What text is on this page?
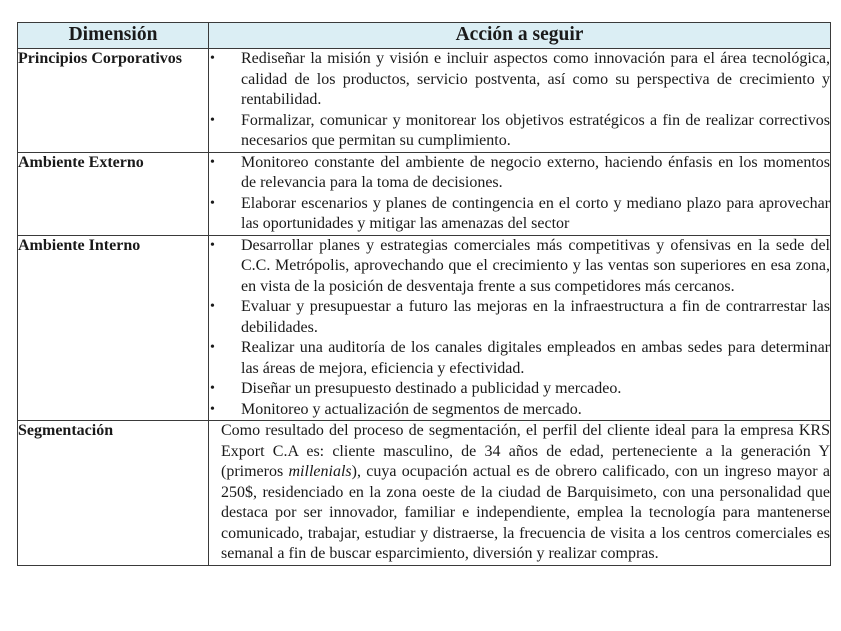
Dimensión	Acción a seguir
Principios Corporativos	• Rediseñar la misión y visión e incluir aspectos como innovación para el área tecnológica, calidad de los productos, servicio postventa, así como su perspectiva de crecimiento y rentabilidad.
• Formalizar, comunicar y monitorear los objetivos estratégicos a fin de realizar correctivos necesarios que permitan su cumplimiento.

Ambiente Externo	• Monitoreo constante del ambiente de negocio externo, haciendo énfasis en los momentos de relevancia para la toma de decisiones.
• Elaborar escenarios y planes de contingencia en el corto y mediano plazo para aprovechar las oportunidades y mitigar las amenazas del sector

Ambiente Interno	• Desarrollar planes y estrategias comerciales más competitivas y ofensivas en la sede del C.C. Metrópolis, aprovechando que el crecimiento y las ventas son superiores en esa zona, en vista de la posición de desventaja frente a sus competidores más cercanos.
• Evaluar y presupuestar a futuro las mejoras en la infraestructura a fin de contrarrestar las debilidades.
• Realizar una auditoría de los canales digitales empleados en ambas sedes para determinar las áreas de mejora, eficiencia y efectividad.
• Diseñar un presupuesto destinado a publicidad y mercadeo.
• Monitoreo y actualización de segmentos de mercado.

Segmentación	Como resultado del proceso de segmentación, el perfil del cliente ideal para la empresa KRS Export C.A es: cliente masculino, de 34 años de edad, perteneciente a la generación Y (primeros millenials), cuya ocupación actual es de obrero calificado, con un ingreso mayor a 250$, residenciado en la zona oeste de la ciudad de Barquisimeto, con una personalidad que destaca por ser innovador, familiar e independiente, emplea la tecnología para mantenerse comunicado, trabajar, estudiar y distraerse, la frecuencia de visita a los centros comerciales es semanal a fin de buscar esparcimiento, diversión y realizar compras.
